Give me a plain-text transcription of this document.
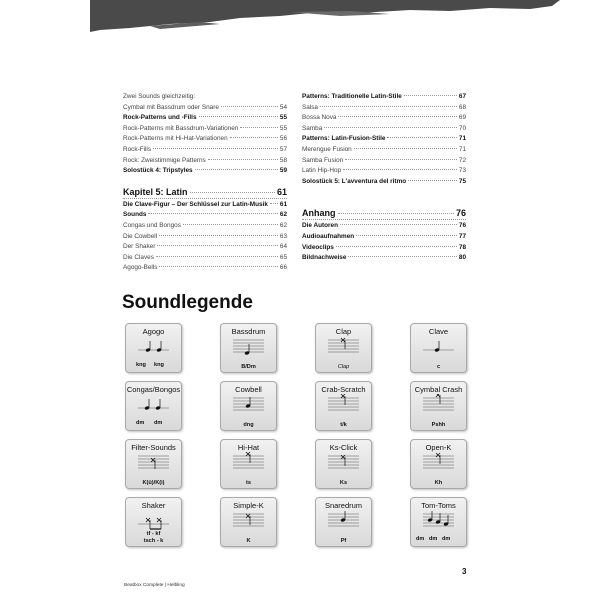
Zwei Sounds gleichzeitig:
Cymbal mit Bassdrum oder Snare	54
Rock-Patterns und -Fills	55
Rock-Patterns mit Bassdrum-Variationen	55
Rock-Patterns mit Hi-Hat-Variationen	56
Rock-Fills	57
Rock: Zweistimmige Patterns	58
Solostück 4: Tripstyles	59
Kapitel 5: Latin	61
Die Clave-Figur – Der Schlüssel zur Latin-Musik 61
Sounds	62
Congas und Bongos	62
Die Cowbell	63
Der Shaker	64
Die Claves	65
Agogo-Bells	66
Patterns: Traditionelle Latin-Stile	67
Salsa	68
Bossa Nova	69
Samba	70
Patterns: Latin-Fusion-Stile	71
Merengue Fusion	71
Samba Fusion	72
Latin Hip-Hop	73
Solostück 5: L'avventura del ritmo	75
Anhang	76
Die Autoren	76
Audioaufnahmen	77
Videoclips	78
Bildnachweise	80
Soundlegende
Agogo
kng kng
Bassdrum
B/Dm
Clap
Clap
Clave
c
Congas/Bongos
dm dm
Cowbell
dng
Crab-Scratch
t/k
Cymbal Crash
Pshh
Filter-Sounds
K(ü)/K(i)
Hi-Hat
ts
Ks-Click
Ks
Open-K
Kh
Shaker
tf - kf
tsch - k
Simple-K
K
Snaredrum
Pf
Tom-Toms
dm dm dm
Beatbox Complete | Helbling
3
